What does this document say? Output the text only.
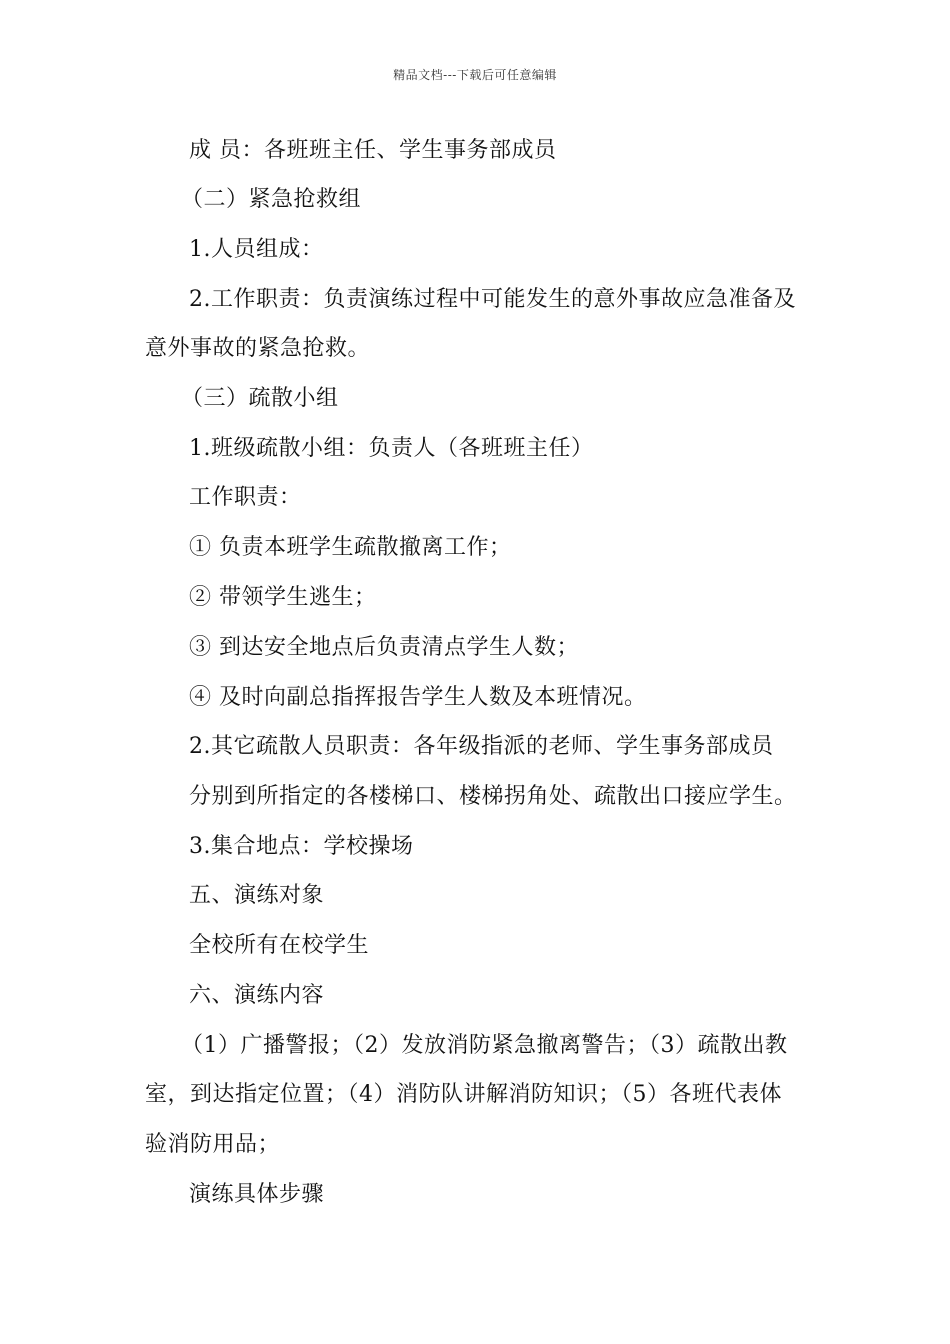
精品文档---下载后可任意编辑
成 员：各班班主任、学生事务部成员
（二）紧急抢救组
1.人员组成：
2.工作职责：负责演练过程中可能发生的意外事故应急准备及
意外事故的紧急抢救。
（三）疏散小组
1.班级疏散小组：负责人（各班班主任）
工作职责：
① 负责本班学生疏散撤离工作；
② 带领学生逃生；
③ 到达安全地点后负责清点学生人数；
④ 及时向副总指挥报告学生人数及本班情况。
2.其它疏散人员职责：各年级指派的老师、学生事务部成员
分别到所指定的各楼梯口、楼梯拐角处、疏散出口接应学生。
3.集合地点：学校操场
五、演练对象
全校所有在校学生
六、演练内容
（1）广播警报；（2）发放消防紧急撤离警告；（3）疏散出教
室，到达指定位置；（4）消防队讲解消防知识；（5）各班代表体
验消防用品；
演练具体步骤
